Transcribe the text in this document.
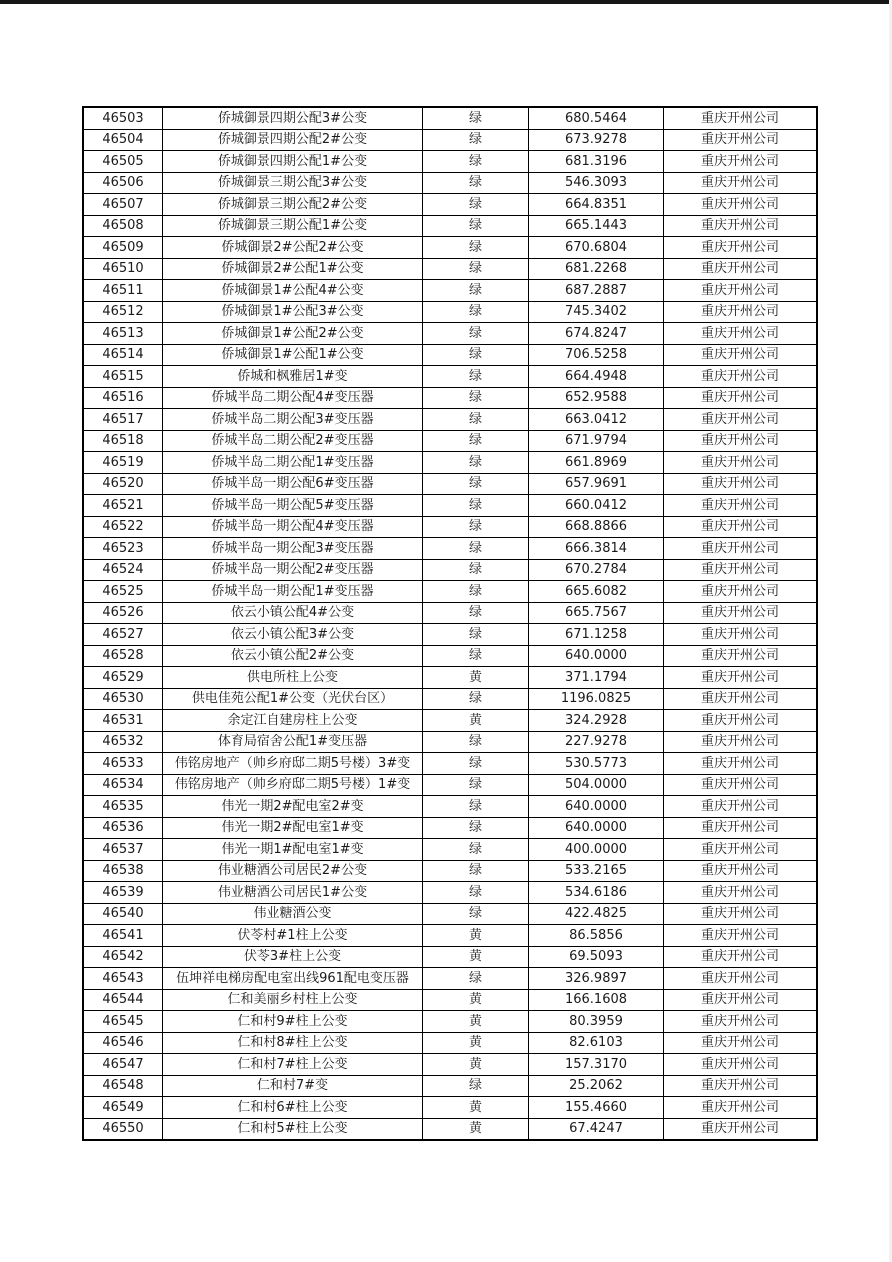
46503	侨城御景四期公配3#公变	绿	680.5464	重庆开州公司
46504	侨城御景四期公配2#公变	绿	673.9278	重庆开州公司
46505	侨城御景四期公配1#公变	绿	681.3196	重庆开州公司
46506	侨城御景三期公配3#公变	绿	546.3093	重庆开州公司
46507	侨城御景三期公配2#公变	绿	664.8351	重庆开州公司
46508	侨城御景三期公配1#公变	绿	665.1443	重庆开州公司
46509	侨城御景2#公配2#公变	绿	670.6804	重庆开州公司
46510	侨城御景2#公配1#公变	绿	681.2268	重庆开州公司
46511	侨城御景1#公配4#公变	绿	687.2887	重庆开州公司
46512	侨城御景1#公配3#公变	绿	745.3402	重庆开州公司
46513	侨城御景1#公配2#公变	绿	674.8247	重庆开州公司
46514	侨城御景1#公配1#公变	绿	706.5258	重庆开州公司
46515	侨城和枫雅居1#变	绿	664.4948	重庆开州公司
46516	侨城半岛二期公配4#变压器	绿	652.9588	重庆开州公司
46517	侨城半岛二期公配3#变压器	绿	663.0412	重庆开州公司
46518	侨城半岛二期公配2#变压器	绿	671.9794	重庆开州公司
46519	侨城半岛二期公配1#变压器	绿	661.8969	重庆开州公司
46520	侨城半岛一期公配6#变压器	绿	657.9691	重庆开州公司
46521	侨城半岛一期公配5#变压器	绿	660.0412	重庆开州公司
46522	侨城半岛一期公配4#变压器	绿	668.8866	重庆开州公司
46523	侨城半岛一期公配3#变压器	绿	666.3814	重庆开州公司
46524	侨城半岛一期公配2#变压器	绿	670.2784	重庆开州公司
46525	侨城半岛一期公配1#变压器	绿	665.6082	重庆开州公司
46526	依云小镇公配4#公变	绿	665.7567	重庆开州公司
46527	依云小镇公配3#公变	绿	671.1258	重庆开州公司
46528	依云小镇公配2#公变	绿	640.0000	重庆开州公司
46529	供电所柱上公变	黄	371.1794	重庆开州公司
46530	供电佳苑公配1#公变（光伏台区）	绿	1196.0825	重庆开州公司
46531	余定江自建房柱上公变	黄	324.2928	重庆开州公司
46532	体育局宿舍公配1#变压器	绿	227.9278	重庆开州公司
46533	伟铭房地产（帅乡府邸二期5号楼）3#变	绿	530.5773	重庆开州公司
46534	伟铭房地产（帅乡府邸二期5号楼）1#变	绿	504.0000	重庆开州公司
46535	伟光一期2#配电室2#变	绿	640.0000	重庆开州公司
46536	伟光一期2#配电室1#变	绿	640.0000	重庆开州公司
46537	伟光一期1#配电室1#变	绿	400.0000	重庆开州公司
46538	伟业糖酒公司居民2#公变	绿	533.2165	重庆开州公司
46539	伟业糖酒公司居民1#公变	绿	534.6186	重庆开州公司
46540	伟业糖酒公变	绿	422.4825	重庆开州公司
46541	伏苓村#1柱上公变	黄	86.5856	重庆开州公司
46542	伏苓3#柱上公变	黄	69.5093	重庆开州公司
46543	伍坤祥电梯房配电室出线961配电变压器	绿	326.9897	重庆开州公司
46544	仁和美丽乡村柱上公变	黄	166.1608	重庆开州公司
46545	仁和村9#柱上公变	黄	80.3959	重庆开州公司
46546	仁和村8#柱上公变	黄	82.6103	重庆开州公司
46547	仁和村7#柱上公变	黄	157.3170	重庆开州公司
46548	仁和村7#变	绿	25.2062	重庆开州公司
46549	仁和村6#柱上公变	黄	155.4660	重庆开州公司
46550	仁和村5#柱上公变	黄	67.4247	重庆开州公司
